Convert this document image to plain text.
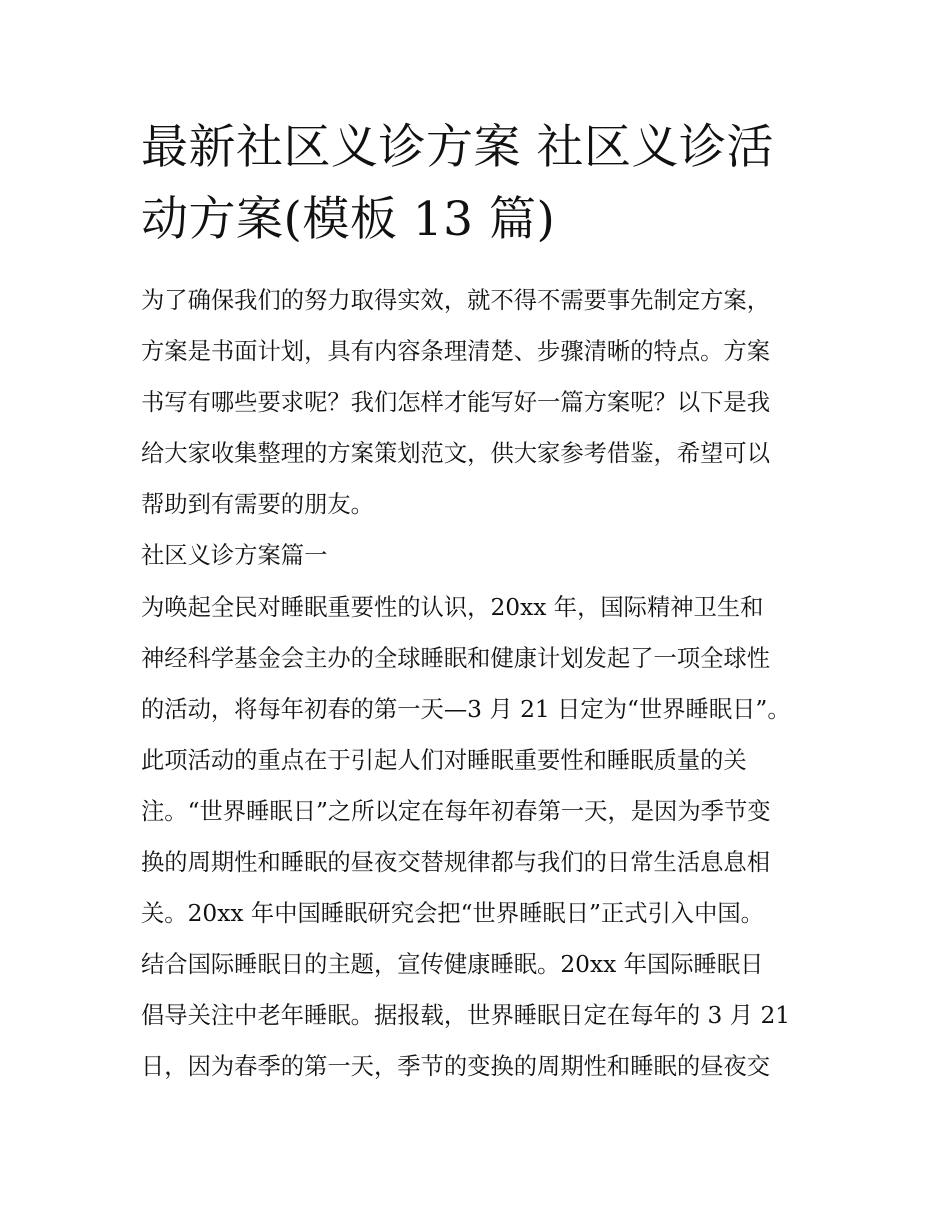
最新社区义诊方案 社区义诊活
动方案(模板 13 篇)
为了确保我们的努力取得实效，就不得不需要事先制定方案，
方案是书面计划，具有内容条理清楚、步骤清晰的特点。方案
书写有哪些要求呢？我们怎样才能写好一篇方案呢？以下是我
给大家收集整理的方案策划范文，供大家参考借鉴，希望可以
帮助到有需要的朋友。
社区义诊方案篇一
为唤起全民对睡眠重要性的认识，20xx 年，国际精神卫生和
神经科学基金会主办的全球睡眠和健康计划发起了一项全球性
的活动，将每年初春的第一天—3 月 21 日定为“世界睡眠日”。
此项活动的重点在于引起人们对睡眠重要性和睡眠质量的关
注。“世界睡眠日”之所以定在每年初春第一天，是因为季节变
换的周期性和睡眠的昼夜交替规律都与我们的日常生活息息相
关。20xx 年中国睡眠研究会把“世界睡眠日”正式引入中国。
结合国际睡眠日的主题，宣传健康睡眠。20xx 年国际睡眠日
倡导关注中老年睡眠。据报载，世界睡眠日定在每年的 3 月 21
日，因为春季的第一天，季节的变换的周期性和睡眠的昼夜交
